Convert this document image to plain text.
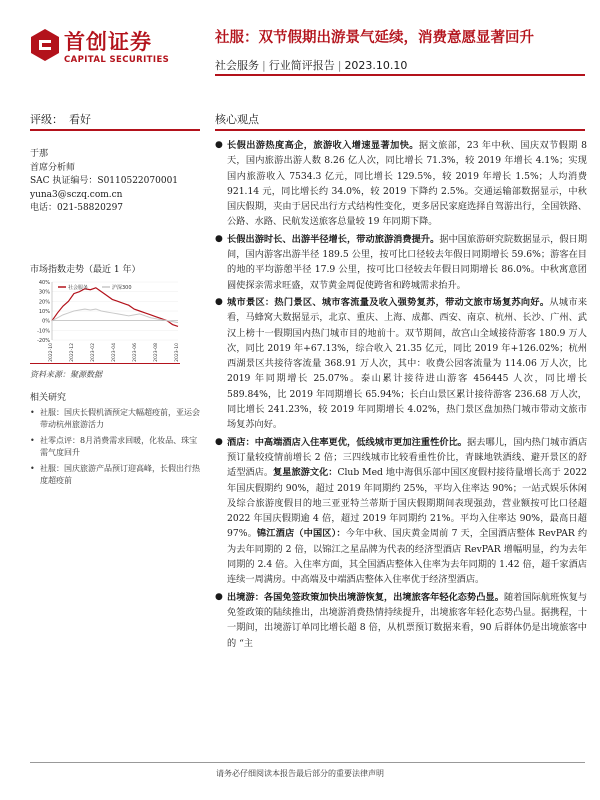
首创证券
CAPITAL SECURITIES
社服：双节假期出游景气延续，消费意愿显著回升
社会服务 | 行业简评报告 | 2023.10.10
评级： 看好	核心观点
于那
首席分析师
SAC 执证编号：S0110522070001
yuna3@sczq.com.cn
电话：021-58820297
市场指数走势（最近 1 年）
-20%
-10%
0%
10%
20%
30%
40%
2022-10	2022-12	2023-02	2023-04	2023-06	2023-08	2023-10
社会服务	沪深300
资料来源：聚源数据
相关研究
• 社服：国庆长假机酒预定大幅超疫前，亚运会带动杭州旅游活力
• 社零点评：8月消费需求回暖，化妆品、珠宝需气度回升
• 社服：国庆旅游产品预订迎高峰，长假出行热度超疫前
● 长假出游热度高企，旅游收入增速显著加快。据文旅部，23 年中秋、国庆双节假期 8 天，国内旅游出游人数 8.26 亿人次，同比增长 71.3%，较 2019 年增长 4.1%；实现国内旅游收入 7534.3 亿元，同比增长 129.5%，较 2019 年增长 1.5%；人均消费 921.14 元，同比增长约 34.0%，较 2019 下降约 2.5%。交通运输部数据显示，中秋国庆假期，夹由于居民出行方式结构性变化，更多居民家庭选择自驾游出行，全国铁路、公路、水路、民航发送旅客总量较 19 年同期下降。
● 长假出游时长、出游半径增长，带动旅游消费提升。据中国旅游研究院数据显示，假日期间，国内游客出游半径 189.5 公里，按可比口径较去年假日同期增长 59.6%；游客在目的地的平均游憩半径 17.9 公里，按可比口径较去年假日同期增长 86.0%。中秋寓意团圆使探亲需求旺盛，双节黄金周促使跨省和跨城需求抬升。
● 城市景区：热门景区、城市客流量及收入强势复苏，带动文旅市场复苏向好。从城市来看，马蜂窝大数据显示，北京、重庆、上海、成都、西安、南京、杭州、长沙、广州、武汉上榜十一假期国内热门城市目的地前十。双节期间，故宫山全域接待游客 180.9 万人次，同比 2019 年+67.13%，综合收入 21.35 亿元，同比 2019 年+126.02%；杭州西湖景区共接待客流量 368.91 万人次，其中：收费公园客流量为 114.06 万人次，比 2019 年同期增长 25.07%。泰山累计接待进山游客 456445 人次，同比增长 589.84%，比 2019 年同期增长 65.94%；长白山景区累计接待游客 236.68 万人次，同比增长 241.23%，较 2019 年同期增长 4.02%，热门景区盘加热门城市带动文旅市场复苏向好。
● 酒店：中高端酒店入住率更优，低线城市更加注重性价比。据去哪儿，国内热门城市酒店预订量较疫情前增长 2 倍；三四线城市比较看重性价比，青睐地铁酒线、避开景区的舒适型酒店。复星旅游文化：Club Med 地中海俱乐部中国区度假村接待量增长高于 2022 年国庆假期约 90%，超过 2019 年同期约 25%，平均入住率达 90%；一站式娱乐休闲及综合旅游度假目的地三亚亚特兰蒂斯于国庆假期期间表现强劲，营业额按可比口径超 2022 年国庆假期逾 4 倍，超过 2019 年同期约 21%。平均入住率达 90%，最高日超 97%。锦江酒店（中国区）：今年中秋、国庆黄金周前 7 天，全国酒店整体 RevPAR 约为去年同期的 2 倍，以锦江之星品牌为代表的经济型酒店 RevPAR 增幅明显，约为去年同期的 2.4 倍。入住率方面，其全国酒店整体入住率为去年同期的 1.42 倍，超千家酒店连续一周满房。中高端及中端酒店整体入住率优于经济型酒店。
● 出境游：各国免签政策加快出境游恢复，出境旅客年轻化态势凸显。随着国际航班恢复与免签政策的陆续推出，出境游消费热情持续提升，出境旅客年轻化态势凸显。据携程，十一期间，出境游订单同比增长超 8 倍，从机票预订数据来看，90 后群体仍是出境旅客中的 “主
请务必仔细阅读本报告最后部分的重要法律声明
